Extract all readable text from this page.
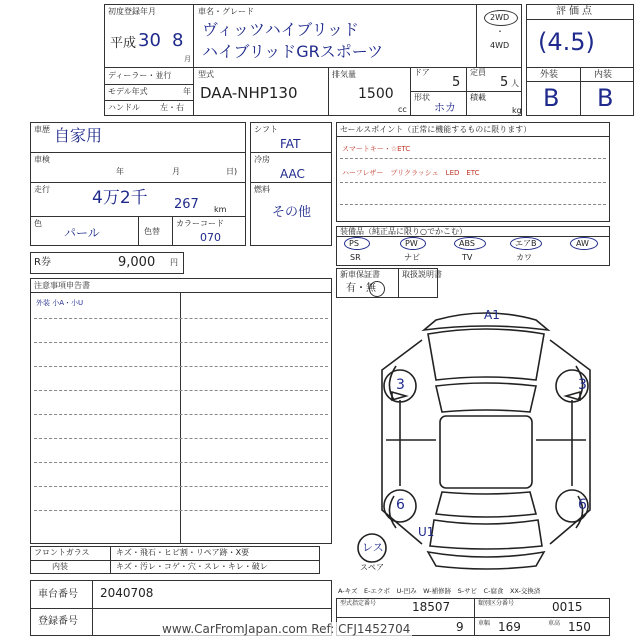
初度登録年月
平成 30 8
月
車名・グレード
ヴィッツハイブリッド
ハイブリッドGRスポーツ
2WD
・
4WD
ディーラー・並行
モデル年式	年
ハンドル	左・右
型式
DAA-NHP130
排気量
1500
cc
ドア
5
定員
5 人
形状
ホカ
積載
kg
評価点
(4.5)
外装	内装
B B
車歴 自家用
車検
年	月	日)
走行 4万2千 267 km
色
パール	色替
カラーコード
070
シフト
FAT
冷房
AAC
燃料
その他
R券	9,000 円
セールスポイント（正常に機能するものに限ります）
スマートキー・☆ETC
ハーフレザー　プリクラッシュ　LED　ETC
装備品（純正品に限り○でかこむ）
PS	PW	ABS	エアB	AW
SR	ナビ	TV	カワ
新車保証書
有・無
取扱説明書
注意事項申告書
外装 小A・小U
A1
3	3
6	6
U1
レス
スペア
A-キズ　E-エクボ　U-凹み　W-補修跡　S-サビ　C-腐食　XX-交換済
フロントガラス	キズ・飛石・ヒビ割・リペア跡・X要
内装	キズ・汚レ・コゲ・穴・スレ・キレ・破レ
車台番号 2040708
登録番号
型式指定番号	18507	類別区分番号	0015
9 車幅 169	車高 150
www.CarFromJapan.com Ref: CFJ1452704
